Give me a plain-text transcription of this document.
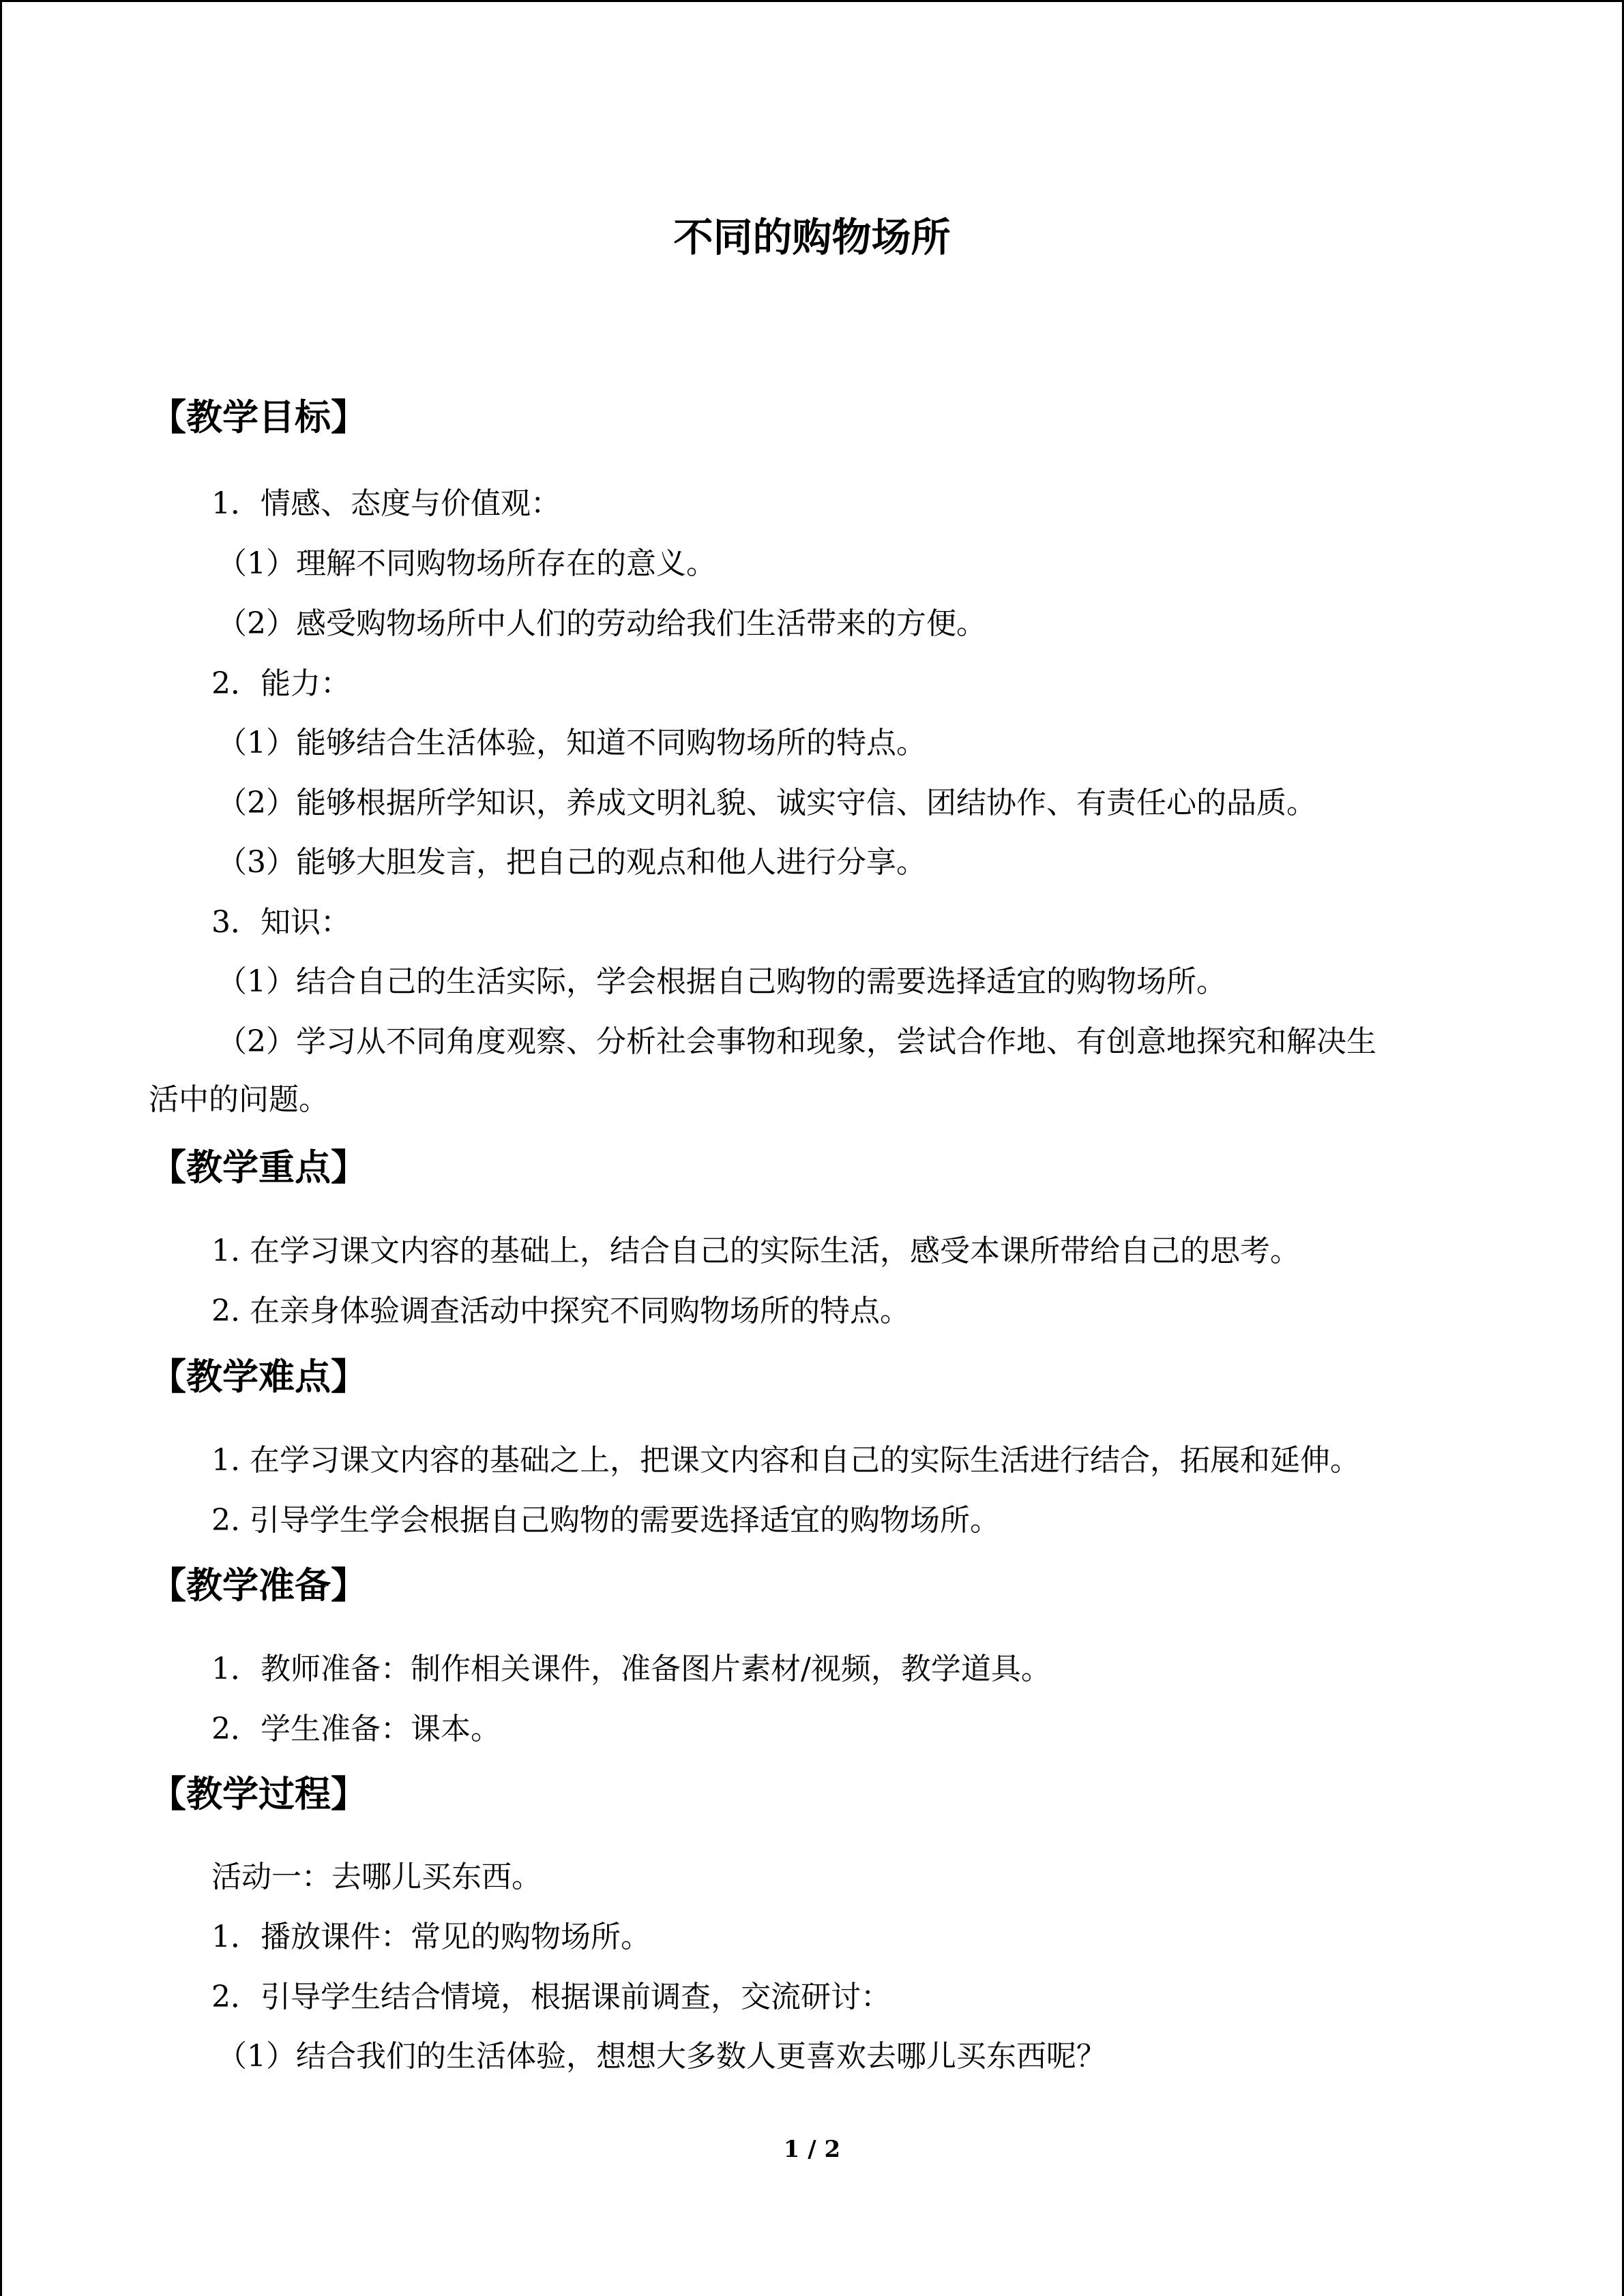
不同的购物场所
【教学目标】
1．情感、态度与价值观：
（1）理解不同购物场所存在的意义。
（2）感受购物场所中人们的劳动给我们生活带来的方便。
2．能力：
（1）能够结合生活体验，知道不同购物场所的特点。
（2）能够根据所学知识，养成文明礼貌、诚实守信、团结协作、有责任心的品质。
（3）能够大胆发言，把自己的观点和他人进行分享。
3．知识：
（1）结合自己的生活实际，学会根据自己购物的需要选择适宜的购物场所。
（2）学习从不同角度观察、分析社会事物和现象，尝试合作地、有创意地探究和解决生
活中的问题。
【教学重点】
1. 在学习课文内容的基础上，结合自己的实际生活，感受本课所带给自己的思考。
2. 在亲身体验调查活动中探究不同购物场所的特点。
【教学难点】
1. 在学习课文内容的基础之上，把课文内容和自己的实际生活进行结合，拓展和延伸。
2. 引导学生学会根据自己购物的需要选择适宜的购物场所。
【教学准备】
1．教师准备：制作相关课件，准备图片素材/视频，教学道具。
2．学生准备：课本。
【教学过程】
活动一：去哪儿买东西。
1．播放课件：常见的购物场所。
2．引导学生结合情境，根据课前调查，交流研讨：
（1）结合我们的生活体验，想想大多数人更喜欢去哪儿买东西呢？
1 / 2
